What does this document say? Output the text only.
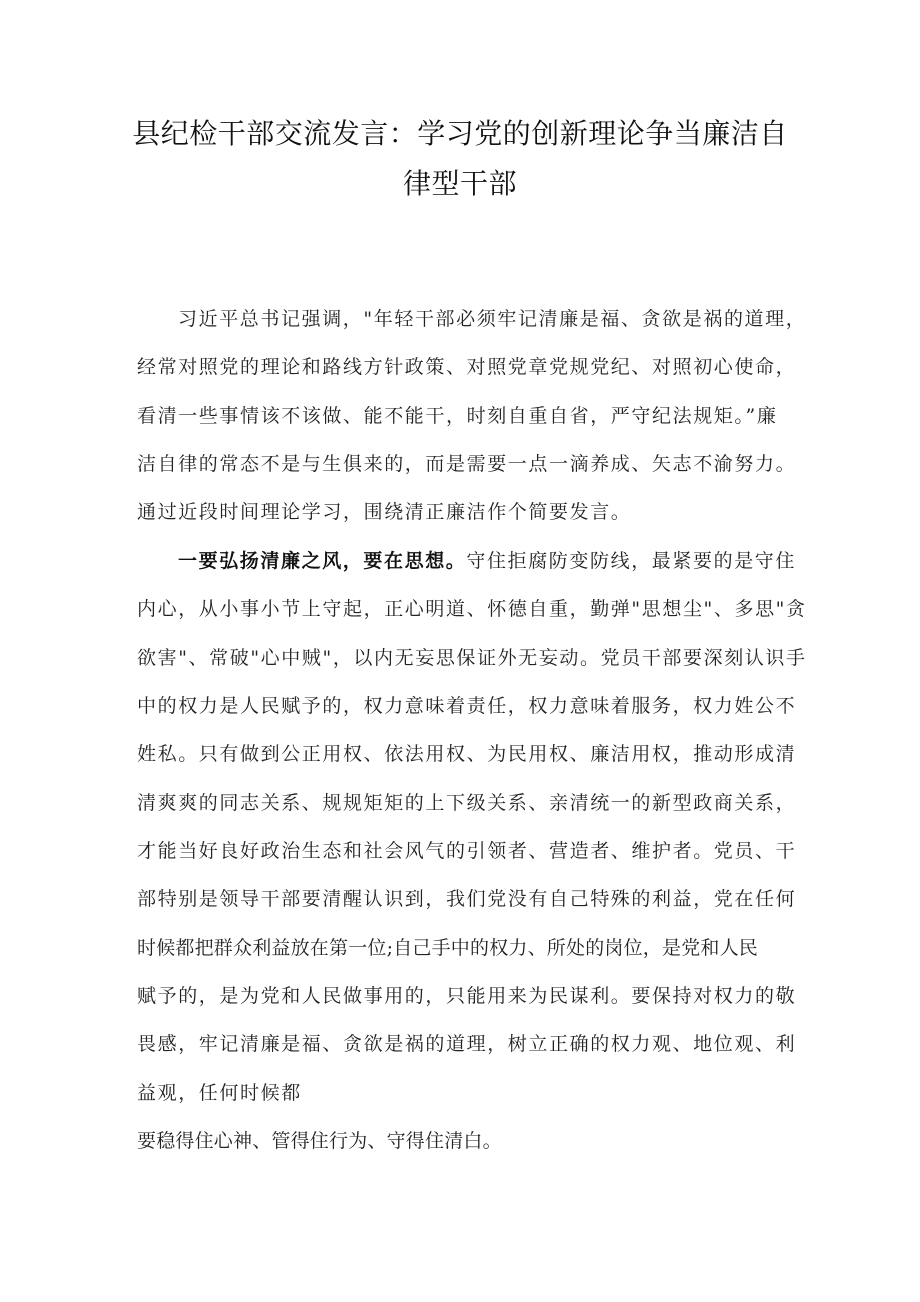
县纪检干部交流发言：学习党的创新理论争当廉洁自
律型干部
习近平总书记强调，"年轻干部必须牢记清廉是福、贪欲是祸的道理，
经常对照党的理论和路线方针政策、对照党章党规党纪、对照初心使命，
看清一些事情该不该做、能不能干，时刻自重自省，严守纪法规矩。”廉
洁自律的常态不是与生俱来的，而是需要一点一滴养成、矢志不渝努力。
通过近段时间理论学习，围绕清正廉洁作个简要发言。
一要弘扬清廉之风，要在思想。守住拒腐防变防线，最紧要的是守住
内心，从小事小节上守起，正心明道、怀德自重，勤弹"思想尘"、多思"贪
欲害"、常破"心中贼"，以内无妄思保证外无妄动。党员干部要深刻认识手
中的权力是人民赋予的，权力意味着责任，权力意味着服务，权力姓公不
姓私。只有做到公正用权、依法用权、为民用权、廉洁用权，推动形成清
清爽爽的同志关系、规规矩矩的上下级关系、亲清统一的新型政商关系，
才能当好良好政治生态和社会风气的引领者、营造者、维护者。党员、干
部特别是领导干部要清醒认识到，我们党没有自己特殊的利益，党在任何
时候都把群众利益放在第一位;自己手中的权力、所处的岗位，是党和人民
赋予的，是为党和人民做事用的，只能用来为民谋利。要保持对权力的敬
畏感，牢记清廉是福、贪欲是祸的道理，树立正确的权力观、地位观、利
益观，任何时候都
要稳得住心神、管得住行为、守得住清白。
